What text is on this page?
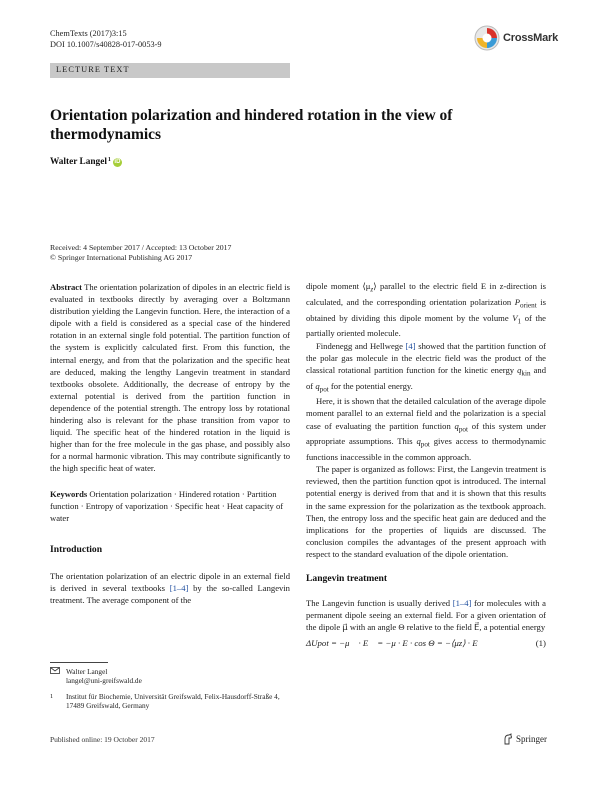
ChemTexts (2017)3:15
DOI 10.1007/s40828-017-0053-9
CrossMark
LECTURE TEXT
Orientation polarization and hindered rotation in the view of thermodynamics
Walter Langel$^1$ iD
Received: 4 September 2017 / Accepted: 13 October 2017
© Springer International Publishing AG 2017

Abstract The orientation polarization of dipoles in an electric field is evaluated in textbooks directly by averaging over a Boltzmann distribution yielding the Langevin function. Here, the interaction of a dipole with a field is considered as a special case of the hindered rotation in an external single fold potential. The partition function of the system is explicitly calculated first. From this function, the internal energy, and from that the polarization and the specific heat are deduced, making the lengthy Langevin treatment in standard textbooks obsolete. Additionally, the decrease of entropy by the external potential is derived from the partition function in dependence of the potential strength. The entropy loss by rotational hindering also is relevant for the phase transition from vapor to liquid. The specific heat of the hindered rotation in the liquid is higher than for the free molecule in the gas phase, and possibly also for a normal harmonic vibration. This may contribute significantly to the high specific heat of water.

Keywords Orientation polarization · Hindered rotation · Partition function · Entropy of vaporization · Specific heat · Heat capacity of water

Introduction

The orientation polarization of an electric dipole in an external field is derived in several textbooks [1–4] by the so-called Langevin treatment. The average component of the

dipole moment $⟨\mu_z⟩$ parallel to the electric field E in z-direction is calculated, and the corresponding orientation polarization $P_{orient}$ is obtained by dividing this dipole moment by the volume $V_1$ of the partially oriented molecule.

Findenegg and Hellwege [4] showed that the partition function of the polar gas molecule in the electric field was the product of the classical rotational partition function for the kinetic energy $q_{kin}$ and of $q_{pot}$ for the potential energy.

Here, it is shown that the detailed calculation of the average dipole moment parallel to an external field and the polarization is a special case of evaluating the partition function $q_{pot}$ of this system under appropriate assumptions. This $q_{pot}$ gives access to thermodynamic functions inaccessible in the common approach.

The paper is organized as follows: First, the Langevin treatment is reviewed, then the partition function qpot is introduced. The internal potential energy is derived from that and it is shown that this results in the same expression for the polarization as the textbook approach. Then, the entropy loss and the specific heat gain are deduced and the implications for the properties of liquids are discussed. The conclusion compiles the advantages of the present approach with respect to the standard evaluation of the dipole orientation.

Langevin treatment

The Langevin function is usually derived [1–4] for molecules with a permanent dipole seeing an external field. For a given orientation of the dipole μ⃗ with an angle Θ relative to the field E⃗, a potential energy

ΔUpot = −μ⃗ · E⃗ = −μ · E · cos Θ = −⟨μz⟩ · E	(1)
Walter Langel
langel@uni-greifswald.de
1	Institut für Biochemie, Universität Greifswald, Felix-Hausdorff-Straße 4, 17489 Greifswald, Germany
Published online: 19 October 2017	Springer
